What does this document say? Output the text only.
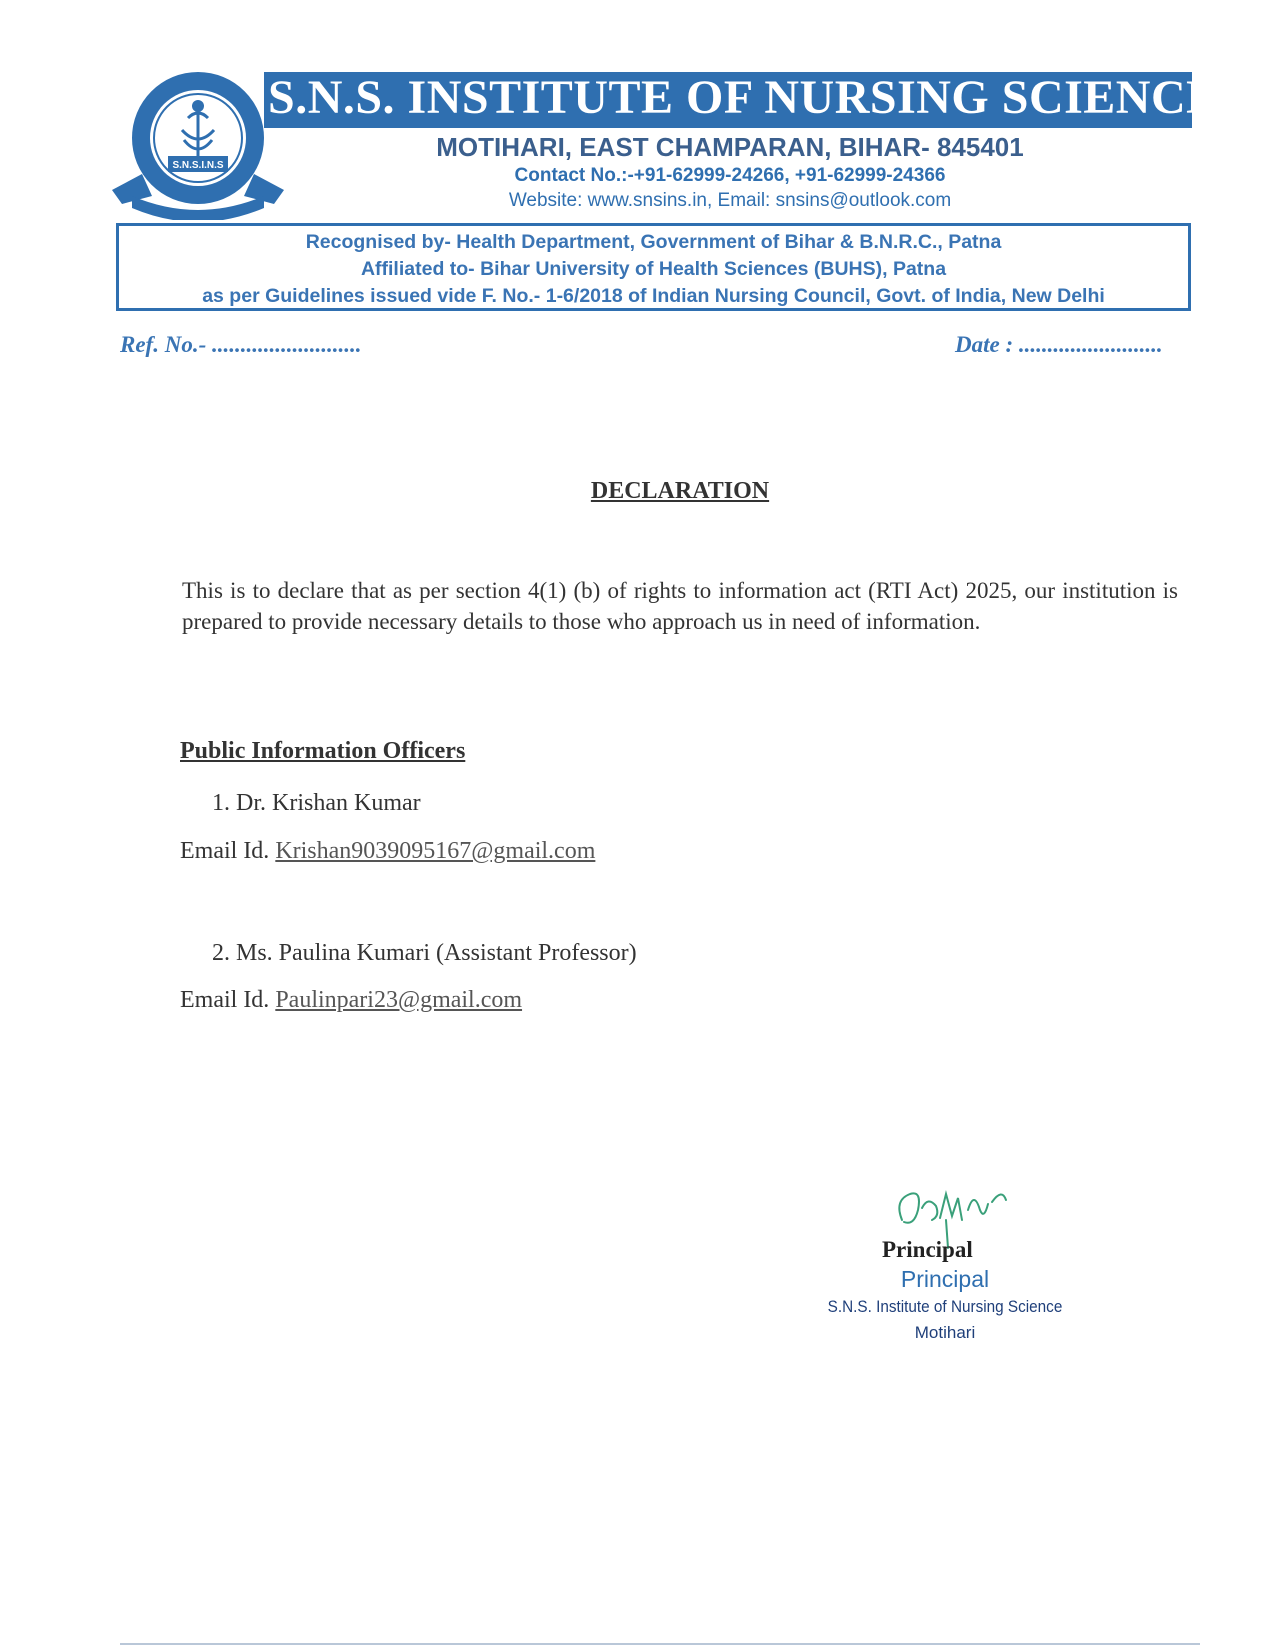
S.N.S.I.N.S
S.N.S. INSTITUTE OF NURSING SCIENCE
MOTIHARI, EAST CHAMPARAN, BIHAR- 845401
Contact No.:-+91-62999-24266, +91-62999-24366
Website: www.snsins.in, Email: snsins@outlook.com
Recognised by- Health Department, Government of Bihar & B.N.R.C., Patna
Affiliated to- Bihar University of Health Sciences (BUHS), Patna
as per Guidelines issued vide F. No.- 1-6/2018 of Indian Nursing Council, Govt. of India, New Delhi
Ref. No.- ..........................	Date : .........................
DECLARATION
This is to declare that as per section 4(1) (b) of rights to information act (RTI Act) 2025, our institution is prepared to provide necessary details to those who approach us in need of information.
Public Information Officers
1. Dr. Krishan Kumar
Email Id. Krishan9039095167@gmail.com
2. Ms. Paulina Kumari (Assistant Professor)
Email Id. Paulinpari23@gmail.com
Principal
Principal
S.N.S. Institute of Nursing Science
Motihari
